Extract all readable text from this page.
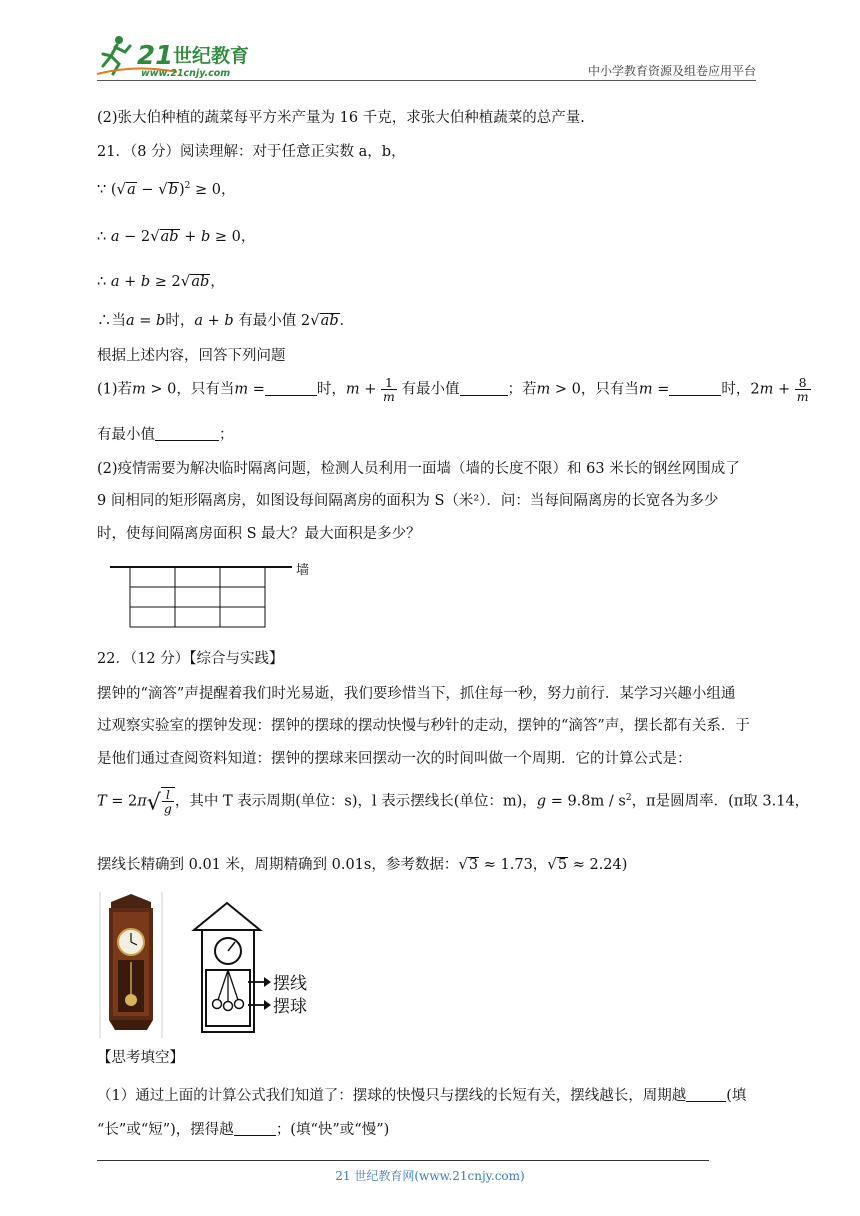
21 世纪教育
www.21cnjy.com	中小学教育资源及组卷应用平台
(2)张大伯种植的蔬菜每平方米产量为 16 千克，求张大伯种植蔬菜的总产量.
21．（8 分）阅读理解：对于任意正实数 a，b，
∵ $(√a - √b)^2 \ge 0$，
∴ a − 2√ab + b ≥ 0，
∴ a + b ≥ 2√ab，
∴当a = b时，a + b 有最小值 2√ab．
根据上述内容，回答下列问题
(1)若m > 0，只有当m =	时，$m + \frac{1}{m}$ 有最小值	；若m > 0，只有当m =	时，$2m + \frac{8}{m}$
有最小值	；
(2)疫情需要为解决临时隔离问题，检测人员利用一面墙（墙的长度不限）和 63 米长的钢丝网围成了
9 间相同的矩形隔离房，如图设每间隔离房的面积为 S（米²）．问：当每间隔离房的长宽各为多少
时，使每间隔离房面积 S 最大？最大面积是多少？
墙
22．（12 分）【综合与实践】
摆钟的“滴答”声提醒着我们时光易逝，我们要珍惜当下，抓住每一秒，努力前行．某学习兴趣小组通
过观察实验室的摆钟发现：摆钟的摆球的摆动快慢与秒针的走动，摆钟的“滴答”声，摆长都有关系．于
是他们通过查阅资料知道：摆钟的摆球来回摆动一次的时间叫做一个周期．它的计算公式是：
$T = 2\pi√ \frac{l}{g}$ ，其中 T 表示周期(单位：s)，l 表示摆线长(单位：m)，$g = 9.8m / s^2$，π是圆周率．(π取 3.14，
摆线长精确到 0.01 米，周期精确到 0.01s，参考数据：√3 ≈ 1.73，√5 ≈ 2.24)
摆线
摆球
【思考填空】
（1）通过上面的计算公式我们知道了：摆球的快慢只与摆线的长短有关，摆线越长，周期越	(填
“长”或“短”)，摆得越	；(填“快”或“慢”)
21 世纪教育网(www.21cnjy.com)
